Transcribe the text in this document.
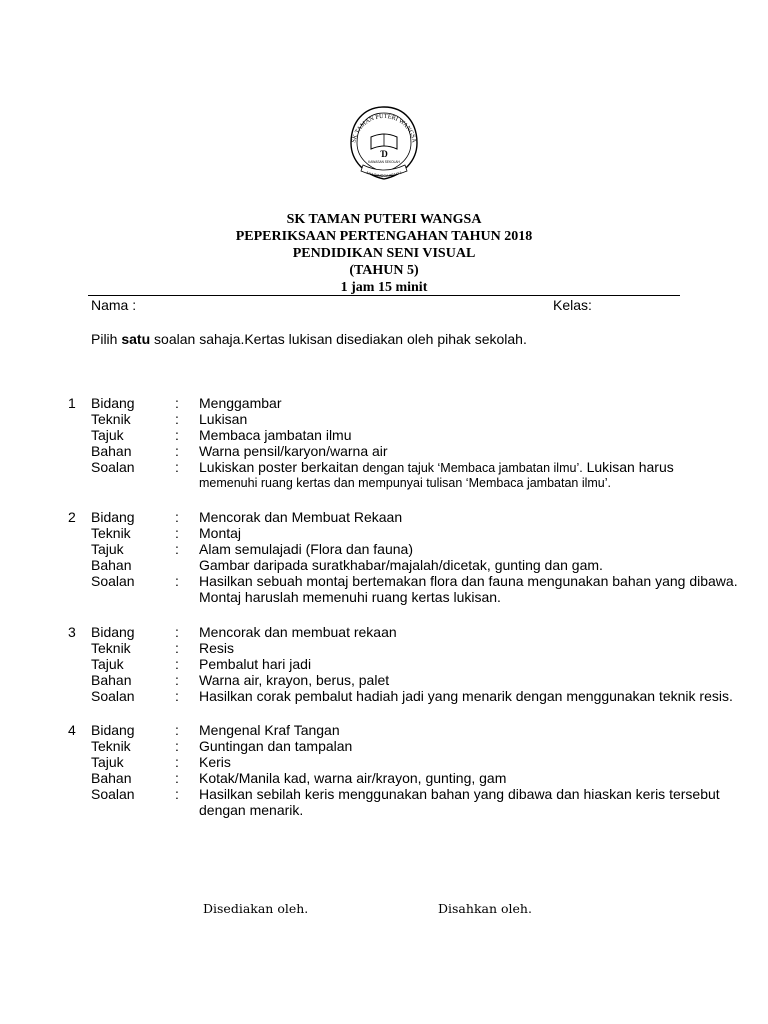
SK TAMAN PUTERI WANGSA
Ɗ
KAWASAN SEKOLAH
AHA TANGGA KEJAYA
SK TAMAN PUTERI WANGSA
PEPERIKSAAN PERTENGAHAN TAHUN 2018
PENDIDIKAN SENI VISUAL
(TAHUN 5)
1 jam 15 minit
Nama :	Kelas:
Pilih satu soalan sahaja.Kertas lukisan disediakan oleh pihak sekolah.
1 Bidang	: Menggambar
Teknik	: Lukisan
Tajuk	: Membaca jambatan ilmu
Bahan	: Warna pensil/karyon/warna air
Soalan	: Lukiskan poster berkaitan dengan tajuk ‘Membaca jambatan ilmu’. Lukisan harus
memenuhi ruang kertas dan mempunyai tulisan ‘Membaca jambatan ilmu’.
2 Bidang	: Mencorak dan Membuat Rekaan
Teknik	: Montaj
Tajuk	: Alam semulajadi (Flora dan fauna)
Bahan	Gambar daripada suratkhabar/majalah/dicetak, gunting dan gam.
Soalan	: Hasilkan sebuah montaj bertemakan flora dan fauna mengunakan bahan yang dibawa.
Montaj haruslah memenuhi ruang kertas lukisan.
3 Bidang	: Mencorak dan membuat rekaan
Teknik	: Resis
Tajuk	: Pembalut hari jadi
Bahan	: Warna air, krayon, berus, palet
Soalan	: Hasilkan corak pembalut hadiah jadi yang menarik dengan menggunakan teknik resis.
4 Bidang	: Mengenal Kraf Tangan
Teknik	: Guntingan dan tampalan
Tajuk	: Keris
Bahan	: Kotak/Manila kad, warna air/krayon, gunting, gam
Soalan	: Hasilkan sebilah keris menggunakan bahan yang dibawa dan hiaskan keris tersebut
dengan menarik.
Disediakan oleh.	Disahkan oleh.
